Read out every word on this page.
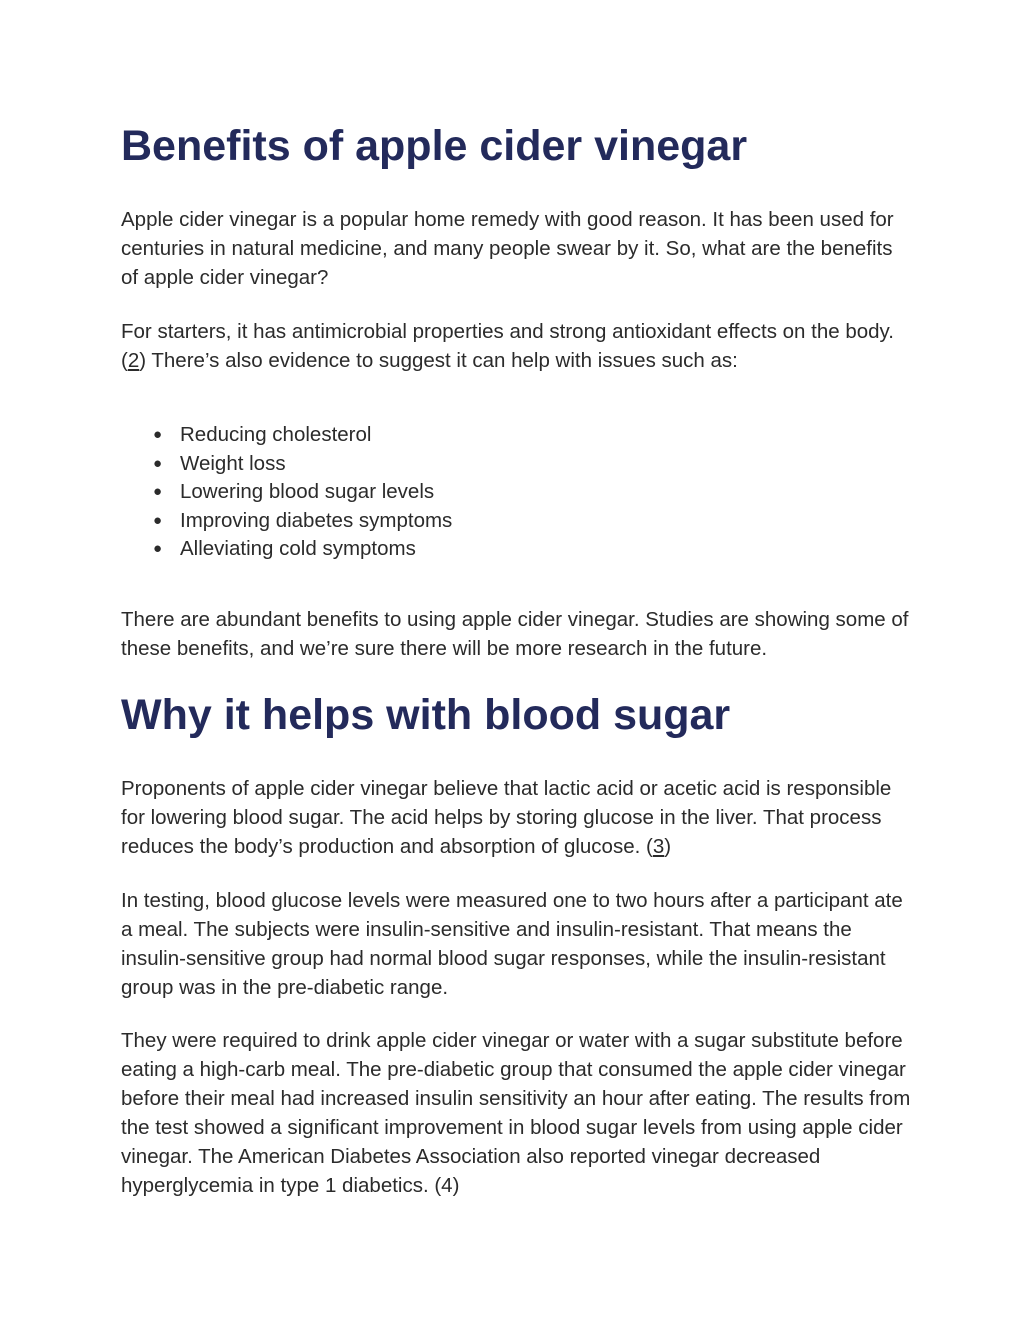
Benefits of apple cider vinegar

Apple cider vinegar is a popular home remedy with good reason. It has been used for centuries in natural medicine, and many people swear by it. So, what are the benefits of apple cider vinegar?

For starters, it has antimicrobial properties and strong antioxidant effects on the body. (2) There’s also evidence to suggest it can help with issues such as:

● Reducing cholesterol
● Weight loss
● Lowering blood sugar levels
● Improving diabetes symptoms
● Alleviating cold symptoms

There are abundant benefits to using apple cider vinegar. Studies are showing some of these benefits, and we’re sure there will be more research in the future.

Why it helps with blood sugar

Proponents of apple cider vinegar believe that lactic acid or acetic acid is responsible for lowering blood sugar. The acid helps by storing glucose in the liver. That process reduces the body’s production and absorption of glucose. (3)

In testing, blood glucose levels were measured one to two hours after a participant ate a meal. The subjects were insulin-sensitive and insulin-resistant. That means the insulin-sensitive group had normal blood sugar responses, while the insulin-resistant group was in the pre-diabetic range.

They were required to drink apple cider vinegar or water with a sugar substitute before eating a high-carb meal. The pre-diabetic group that consumed the apple cider vinegar before their meal had increased insulin sensitivity an hour after eating. The results from the test showed a significant improvement in blood sugar levels from using apple cider vinegar. The American Diabetes Association also reported vinegar decreased hyperglycemia in type 1 diabetics. (4)
